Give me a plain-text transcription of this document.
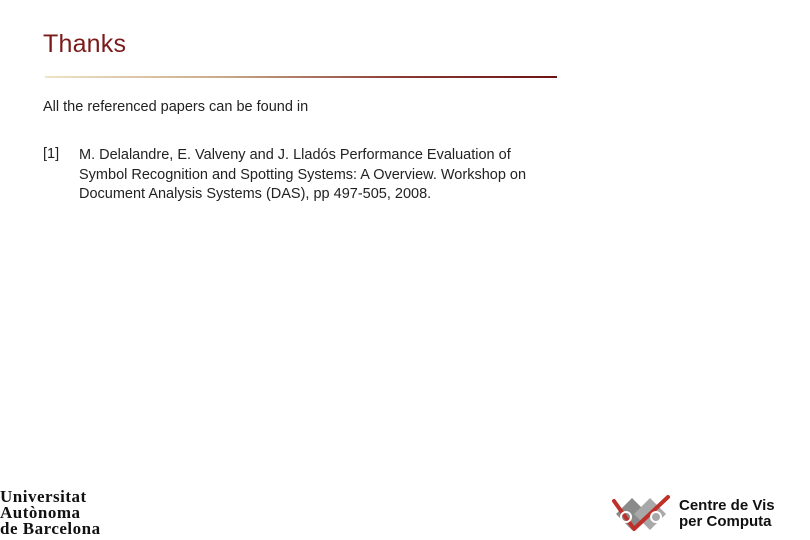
Thanks
All the referenced papers can be found in
[1] M. Delalandre, E. Valveny and J. Lladós Performance Evaluation of
Symbol Recognition and Spotting Systems: A Overview. Workshop on
Document Analysis Systems (DAS), pp 497-505, 2008.
Universitat
Autònoma
de Barcelona
Centre de Vis
per Computa
